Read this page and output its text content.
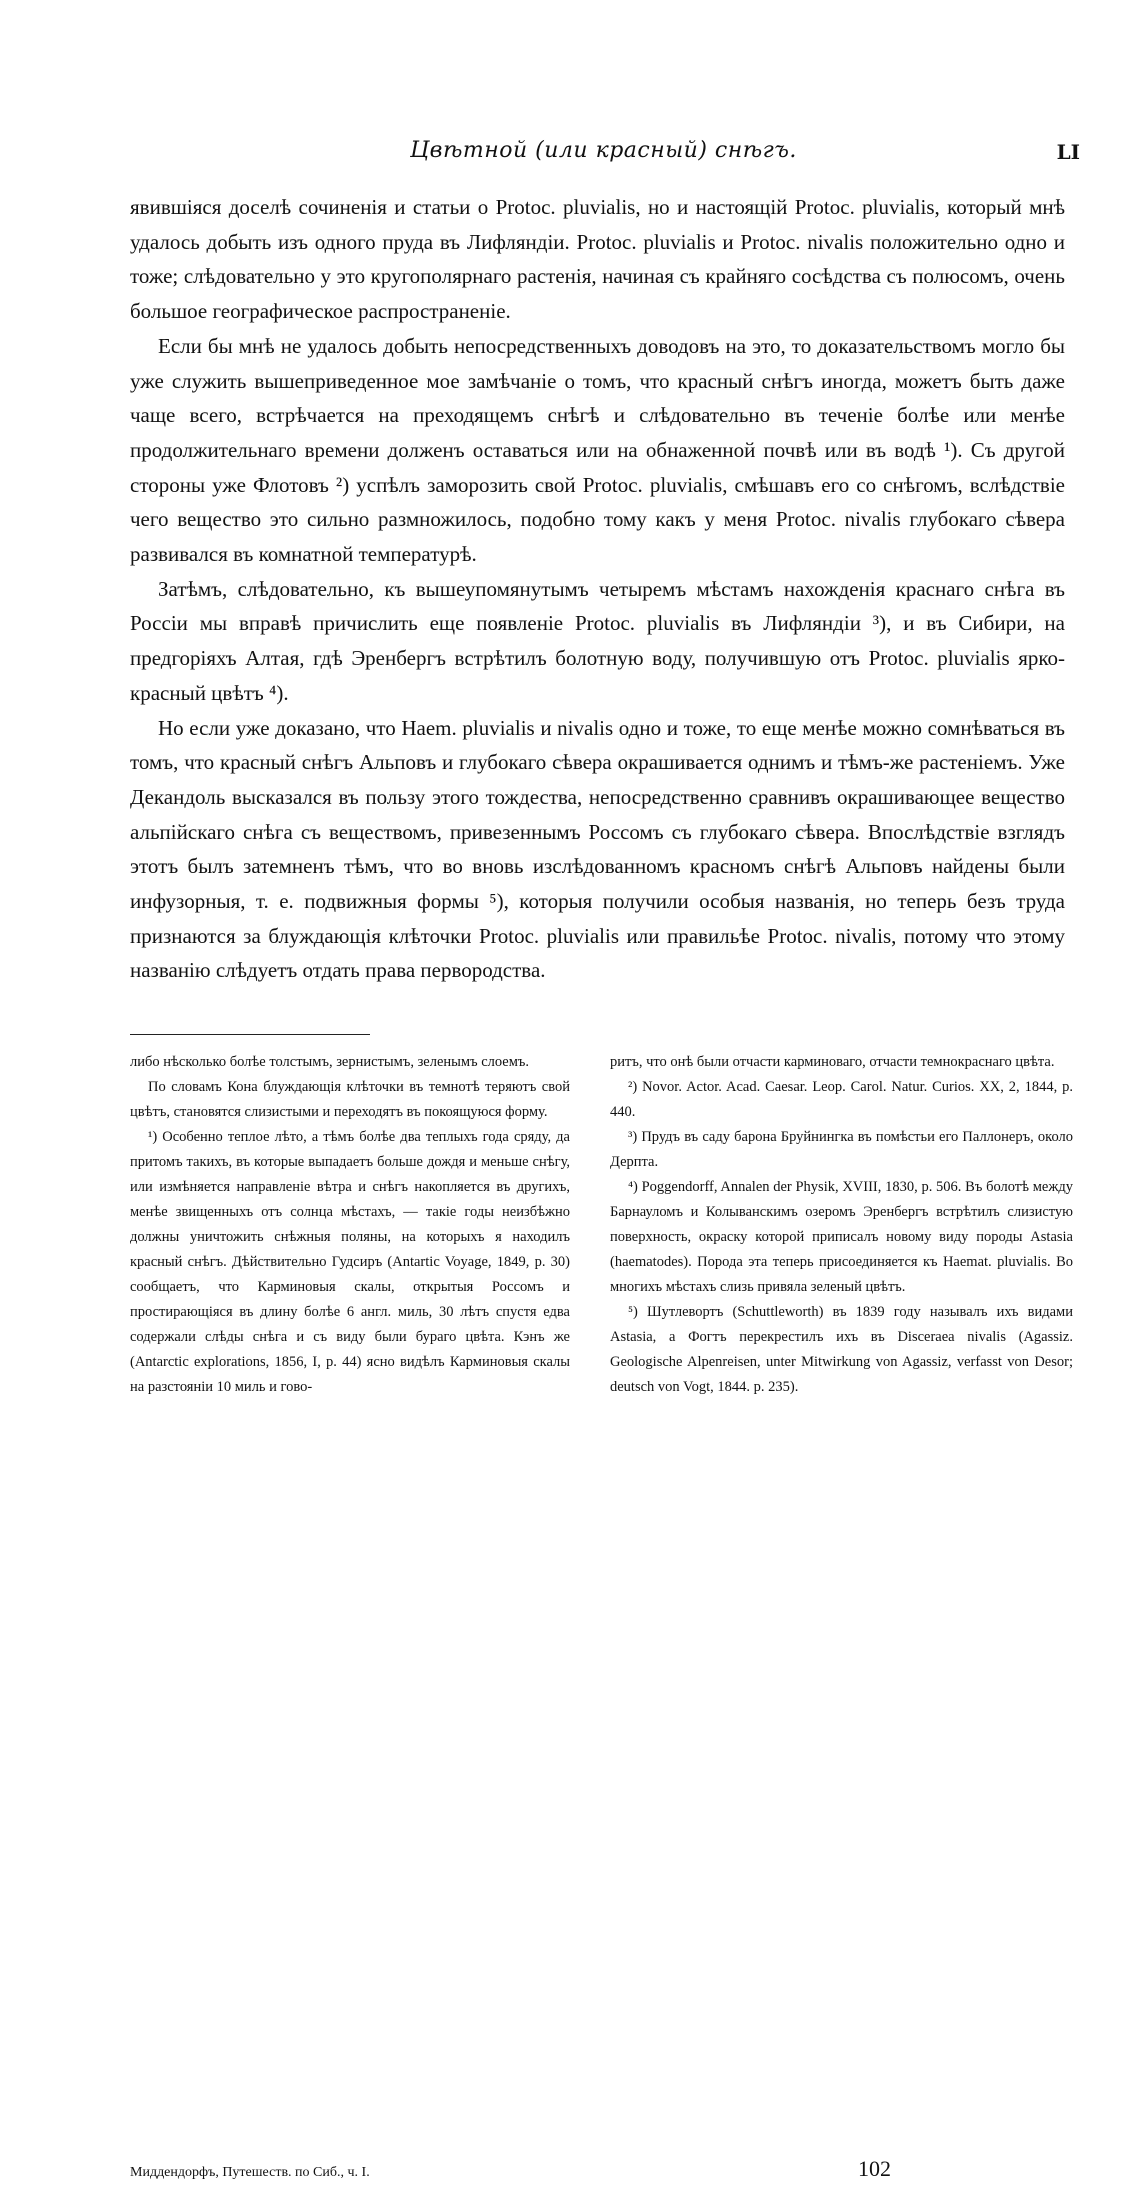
Цвѣтной (или красный) снѣгъ.	LI

явившіяся доселѣ сочиненія и статьи о Protoc. pluvialis, но и настоящій Protoc. pluvialis, который мнѣ удалось добыть изъ одного пруда въ Лифляндіи. Protoc. pluvialis и Protoc. nivalis положительно одно и тоже; слѣдовательно у это кругополярнаго растенія, начиная съ крайняго сосѣдства съ полюсомъ, очень большое географическое распространеніе.

Если бы мнѣ не удалось добыть непосредственныхъ доводовъ на это, то доказательствомъ могло бы уже служить вышеприведенное мое замѣчаніе о томъ, что красный снѣгъ иногда, можетъ быть даже чаще всего, встрѣчается на преходящемъ снѣгѣ и слѣдовательно въ теченіе болѣе или менѣе продолжительнаго времени долженъ оставаться или на обнаженной почвѣ или въ водѣ ¹). Съ другой стороны уже Флотовъ ²) успѣлъ заморозить свой Protoc. pluvialis, смѣшавъ его со снѣгомъ, вслѣдствіе чего вещество это сильно размножилось, подобно тому какъ у меня Protoc. nivalis глубокаго сѣвера развивался въ комнатной температурѣ.

Затѣмъ, слѣдовательно, къ вышеупомянутымъ четыремъ мѣстамъ нахожденія краснаго снѣга въ Россіи мы вправѣ причислить еще появленіе Protoc. pluvialis въ Лифляндіи ³), и въ Сибири, на предгоріяхъ Алтая, гдѣ Эренбергъ встрѣтилъ болотную воду, получившую отъ Protoc. pluvialis ярко-красный цвѣтъ ⁴).

Но если уже доказано, что Haem. pluvialis и nivalis одно и тоже, то еще менѣе можно сомнѣваться въ томъ, что красный снѣгъ Альповъ и глубокаго сѣвера окрашивается однимъ и тѣмъ-же растеніемъ. Уже Декандоль высказался въ пользу этого тождества, непосредственно сравнивъ окрашивающее вещество альпійскаго снѣга съ веществомъ, привезеннымъ Россомъ съ глубокаго сѣвера. Впослѣдствіе взглядъ этотъ былъ затемненъ тѣмъ, что во вновь изслѣдованномъ красномъ снѣгѣ Альповъ найдены были инфузорныя, т. е. подвижныя формы ⁵), которыя получили особыя названія, но теперь безъ труда признаются за блуждающія клѣточки Protoc. pluvialis или правильѣе Protoc. nivalis, потому что этому названію слѣдуетъ отдать права первородства.

либо нѣсколько болѣе толстымъ, зернистымъ, зеленымъ слоемъ.

По словамъ Кона блуждающія клѣточки въ темнотѣ теряютъ свой цвѣтъ, становятся слизистыми и переходятъ въ покоящуюся форму.

¹) Особенно теплое лѣто, а тѣмъ болѣе два теплыхъ года сряду, да притомъ такихъ, въ которые выпадаетъ больше дождя и меньше снѣгу, или измѣняется направленіе вѣтра и снѣгъ накопляется въ другихъ, менѣе звищенныхъ отъ солнца мѣстахъ, — такіе годы неизбѣжно должны уничтожить снѣжныя поляны, на которыхъ я находилъ красный снѣгъ. Дѣйствительно Гудсиръ (Antartic Voyage, 1849, p. 30) сообщаетъ, что Карминовыя скалы, открытыя Россомъ и простирающіяся въ длину болѣе 6 англ. миль, 30 лѣтъ спустя едва содержали слѣды снѣга и съ виду были бураго цвѣта. Кэнъ же (Antarctic explorations, 1856, I, p. 44) ясно видѣлъ Карминовыя скалы на разстояніи 10 миль и гово-

ритъ, что онѣ были отчасти карминоваго, отчасти темнокраснаго цвѣта.

²) Novor. Actor. Acad. Caesar. Leop. Carol. Natur. Curios. XX, 2, 1844, p. 440.

³) Прудъ въ саду барона Бруйнингка въ помѣстьи его Паллонеръ, около Дерпта.

⁴) Poggendorff, Annalen der Physik, XVIII, 1830, p. 506. Въ болотѣ между Барнауломъ и Колыванскимъ озеромъ Эренбергъ встрѣтилъ слизистую поверхность, окраску которой приписалъ новому виду породы Astasia (haematodes). Порода эта теперь присоединяется къ Haemat. pluvialis. Во многихъ мѣстахъ слизь привяла зеленый цвѣтъ.

⁵) Шутлевортъ (Schuttleworth) въ 1839 году называлъ ихъ видами Astasia, а Фогтъ перекрестилъ ихъ въ Disceraea nivalis (Agassiz. Geologische Alpenreisen, unter Mitwirkung von Agassiz, verfasst von Desor; deutsch von Vogt, 1844. p. 235).

Миддендорфъ, Путешеств. по Сиб., ч. I.	102
